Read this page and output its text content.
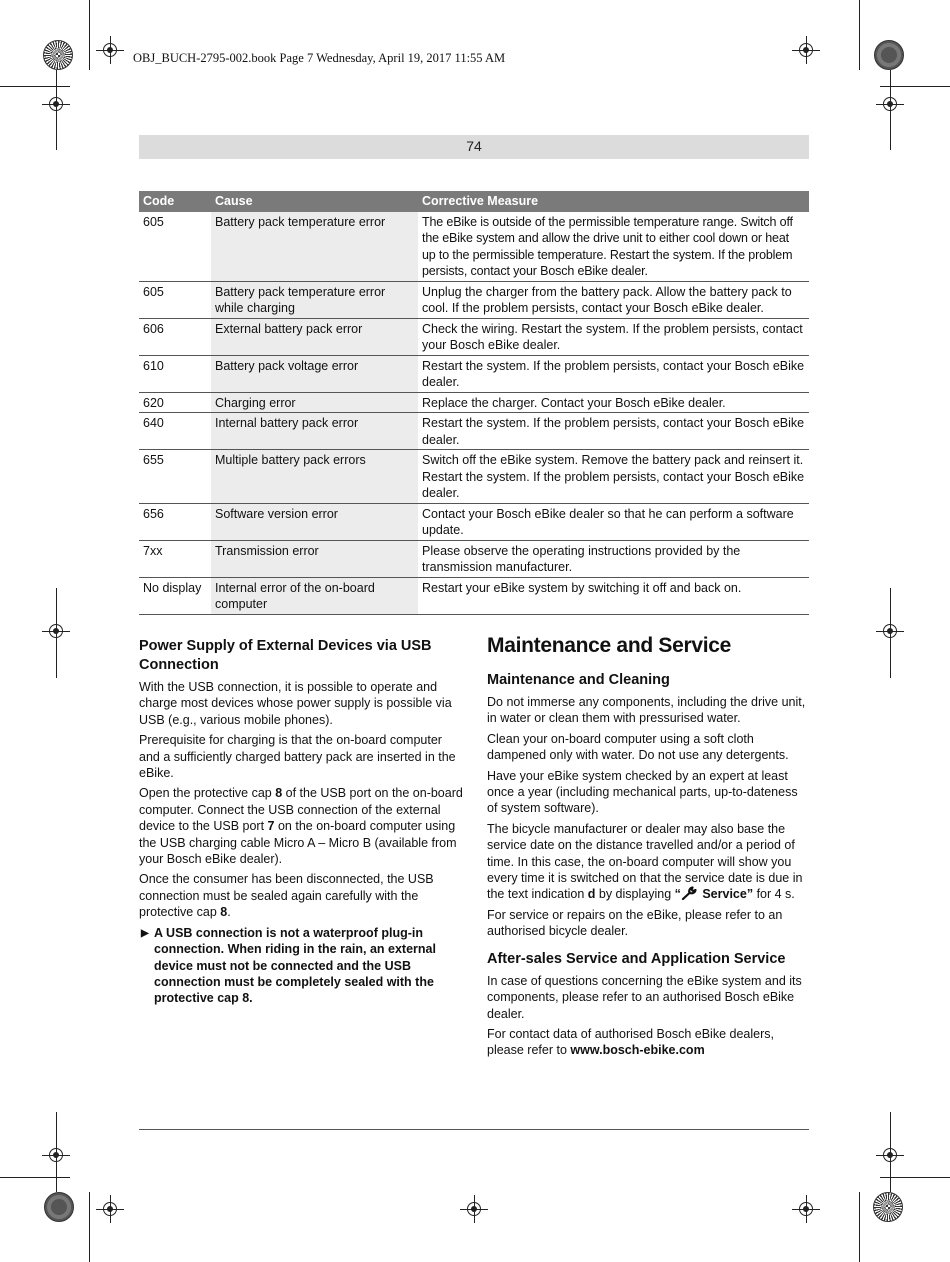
OBJ_BUCH-2795-002.book Page 7 Wednesday, April 19, 2017 11:55 AM
74
Code	Cause	Corrective Measure
605	Battery pack temperature error	The eBike is outside of the permissible temperature range. Switch off the eBike system and allow the drive unit to either cool down or heat up to the permissible temperature. Restart the system. If the problem persists, contact your Bosch eBike dealer.
605	Battery pack temperature error while charging	Unplug the charger from the battery pack. Allow the battery pack to cool. If the problem persists, contact your Bosch eBike dealer.
606	External battery pack error	Check the wiring. Restart the system. If the problem persists, contact your Bosch eBike dealer.
610	Battery pack voltage error	Restart the system. If the problem persists, contact your Bosch eBike dealer.
620	Charging error	Replace the charger. Contact your Bosch eBike dealer.
640	Internal battery pack error	Restart the system. If the problem persists, contact your Bosch eBike dealer.
655	Multiple battery pack errors	Switch off the eBike system. Remove the battery pack and reinsert it. Restart the system. If the problem persists, contact your Bosch eBike dealer.
656	Software version error	Contact your Bosch eBike dealer so that he can perform a software update.
7xx	Transmission error	Please observe the operating instructions provided by the transmission manufacturer.
No display	Internal error of the on-board computer	Restart your eBike system by switching it off and back on.
Power Supply of External Devices via USB Connection

With the USB connection, it is possible to operate and charge most devices whose power supply is possible via USB (e.g., various mobile phones).

Prerequisite for charging is that the on-board computer and a sufficiently charged battery pack are inserted in the eBike.

Open the protective cap 8 of the USB port on the on-board computer. Connect the USB connection of the external device to the USB port 7 on the on-board computer using the USB charging cable Micro A – Micro B (available from your Bosch eBike dealer).

Once the consumer has been disconnected, the USB connection must be sealed again carefully with the protective cap 8.

▶ A USB connection is not a waterproof plug-in connection. When riding in the rain, an external device must not be connected and the USB connection must be completely sealed with the protective cap 8.
Maintenance and Service
Maintenance and Cleaning

Do not immerse any components, including the drive unit, in water or clean them with pressurised water.

Clean your on-board computer using a soft cloth dampened only with water. Do not use any detergents.

Have your eBike system checked by an expert at least once a year (including mechanical parts, up-to-dateness of system software).

The bicycle manufacturer or dealer may also base the service date on the distance travelled and/or a period of time. In this case, the on-board computer will show you every time it is switched on that the service date is due in the text indication d by displaying “ Service” for 4 s.

For service or repairs on the eBike, please refer to an authorised bicycle dealer.

After-sales Service and Application Service

In case of questions concerning the eBike system and its components, please refer to an authorised Bosch eBike dealer.

For contact data of authorised Bosch eBike dealers, please refer to www.bosch-ebike.com
